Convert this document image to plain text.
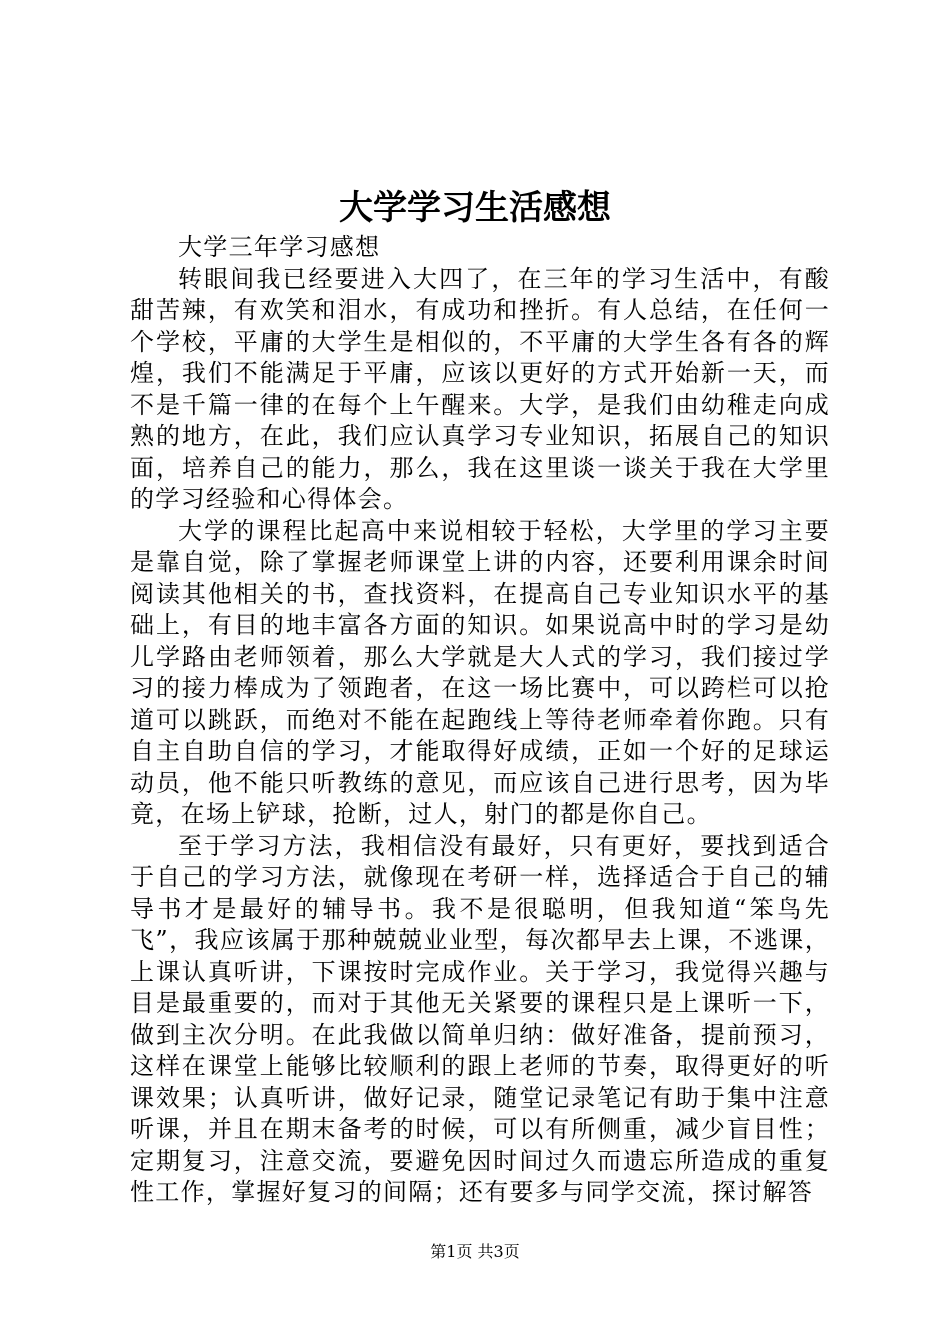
大学学习生活感想

大学三年学习感想

转眼间我已经要进入大四了，在三年的学习生活中，有酸甜苦辣，有欢笑和泪水，有成功和挫折。有人总结，在任何一个学校，平庸的大学生是相似的，不平庸的大学生各有各的辉煌，我们不能满足于平庸，应该以更好的方式开始新一天，而不是千篇一律的在每个上午醒来。大学，是我们由幼稚走向成熟的地方，在此，我们应认真学习专业知识，拓展自己的知识面，培养自己的能力，那么，我在这里谈一谈关于我在大学里的学习经验和心得体会。

大学的课程比起高中来说相较于轻松，大学里的学习主要是靠自觉，除了掌握老师课堂上讲的内容，还要利用课余时间阅读其他相关的书，查找资料，在提高自己专业知识水平的基础上，有目的地丰富各方面的知识。如果说高中时的学习是幼儿学路由老师领着，那么大学就是大人式的学习，我们接过学习的接力棒成为了领跑者，在这一场比赛中，可以跨栏可以抢道可以跳跃，而绝对不能在起跑线上等待老师牵着你跑。只有自主自助自信的学习，才能取得好成绩，正如一个好的足球运动员，他不能只听教练的意见，而应该自己进行思考，因为毕竟，在场上铲球，抢断，过人，射门的都是你自己。

至于学习方法，我相信没有最好，只有更好，要找到适合于自己的学习方法，就像现在考研一样，选择适合于自己的辅导书才是最好的辅导书。我不是很聪明，但我知道“笨鸟先飞”，我应该属于那种兢兢业业型，每次都早去上课，不逃课，上课认真听讲，下课按时完成作业。关于学习，我觉得兴趣与目是最重要的，而对于其他无关紧要的课程只是上课听一下，做到主次分明。在此我做以简单归纳：做好准备，提前预习，这样在课堂上能够比较顺利的跟上老师的节奏，取得更好的听课效果；认真听讲，做好记录，随堂记录笔记有助于集中注意听课，并且在期末备考的时候，可以有所侧重，减少盲目性；定期复习，注意交流，要避免因时间过久而遗忘所造成的重复性工作，掌握好复习的间隔；还有要多与同学交流，探讨解答

第1页 共3页
